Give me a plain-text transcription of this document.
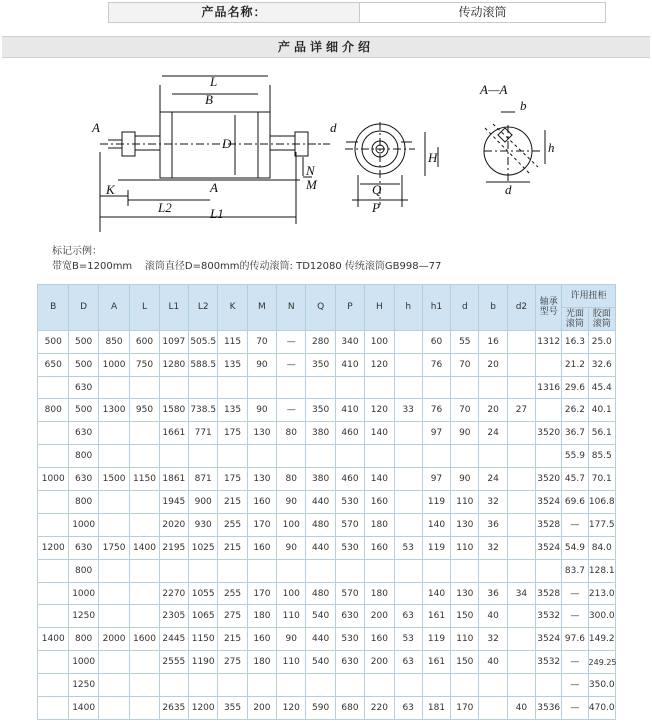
产品名称：	传动滚筒
产品详细介绍
L
B
D
A
A
K
L2	L1
N
M
d
Q
P
H
A—A
b
h
d
标记示例：
带宽B=1200mm    滚筒直径D=800mm的传动滚筒: TD12080 传统滚筒GB998—77
B	D	A	L	L1	L2	K	M	N	Q	P	H	h	h1	d	b	d2	轴承型号	许用扭柜	
																		光面滚筒	胶面滚筒
500	500	850	600	1097	505.5	115	70	—	280	340	100		60	55	16		1312	16.3	25.0
650	500	1000	750	1280	588.5	135	90	—	350	410	120		76	70	20			21.2	32.6
	630																1316	29.6	45.4
800	500	1300	950	1580	738.5	135	90	—	350	410	120	33	76	70	20	27		26.2	40.1
	630			1661	771	175	130	80	380	460	140		97	90	24		3520	36.7	56.1
	800																	55.9	85.5
1000	630	1500	1150	1861	871	175	130	80	380	460	140		97	90	24		3520	45.7	70.1
	800			1945	900	215	160	90	440	530	160		119	110	32		3524	69.6	106.8
	1000			2020	930	255	170	100	480	570	180		140	130	36		3528	—	177.5
1200	630	1750	1400	2195	1025	215	160	90	440	530	160	53	119	110	32		3524	54.9	84.0
	800																	83.7	128.1
	1000			2270	1055	255	170	100	480	570	180		140	130	36	34	3528	—	213.0
	1250			2305	1065	275	180	110	540	630	200	63	161	150	40		3532	—	300.0
1400	800	2000	1600	2445	1150	215	160	90	440	530	160	53	119	110	32		3524	97.6	149.2
	1000			2555	1190	275	180	110	540	630	200	63	161	150	40		3532	—	249.25
	1250																	—	350.0
	1400			2635	1200	355	200	120	590	680	220	63	181	170		40	3536	—	470.0
